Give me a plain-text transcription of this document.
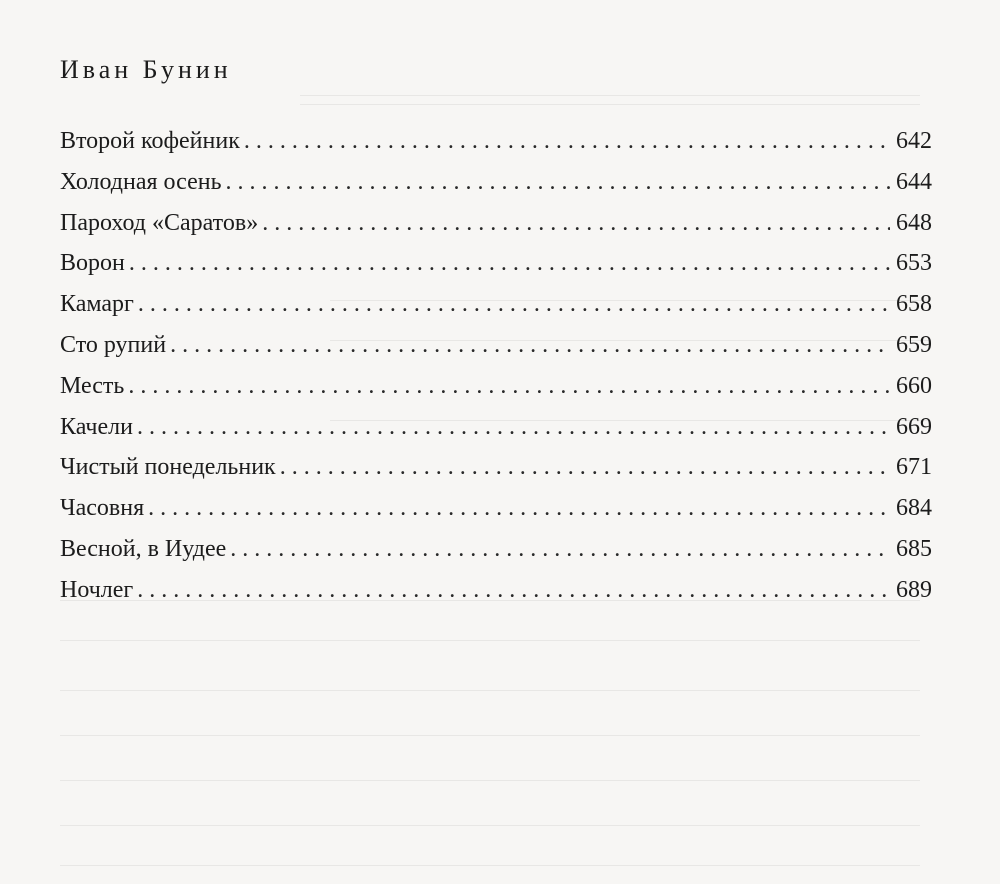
Иван Бунин
Второй кофейник . . .	642
Холодная осень . . .	644
Пароход «Саратов» . . .	648
Ворон . . .	653
Камарг . . .	658
Сто рупий . . .	659
Месть . . .	660
Качели . . .	669
Чистый понедельник . . .	671
Часовня . . .	684
Весной, в Иудее . . .	685
Ночлег . . .	689
